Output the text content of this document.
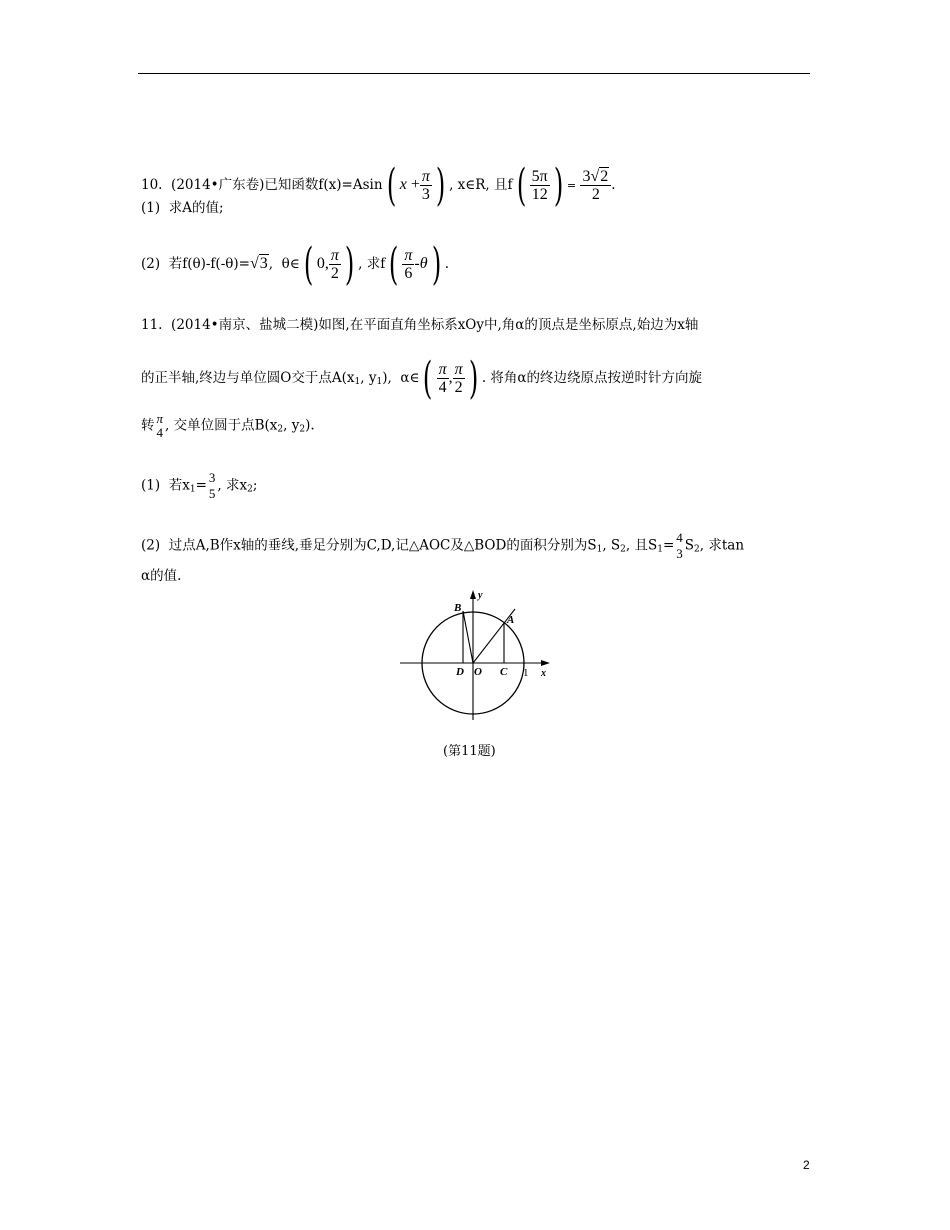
10.  (2014•广东卷)已知函数f(x)=Asin( $x + \frac{\pi}{3}$ ) , x∈R, 且$f( \frac{5\pi}{12}$ ) = $\frac{3√2}{2}$ .
(1)  求A的值;
(2)  若f(θ)-f(-θ)=√3,  θ∈( 0, $\frac{\pi}{2}$ ) , 求$f( \frac{\pi}{6} -\theta)$ .
11.  (2014•南京、盐城二模)如图,在平面直角坐标系xOy中,角α的顶点是坐标原点,始边为x轴
的正半轴,终边与单位圆O交于点$A(x_1$, $y_1$),  α∈( $\frac{\pi}{4}$ , $\frac{\pi}{2}$ ) . 将角α的终边绕原点按逆时针方向旋
转 π
4 , 交单位圆于点$B(x_2$, $y_2$).
(1)  若$x_1= 3$
5 , 求$x_2$;
(2)  过点A,B作x轴的垂线,垂足分别为C,D,记△AOC及△BOD的面积分别为$S_1$, $S_2$, 且$S_1= 4$
3 $S_2$, 求tan
α的值.
B
A
y
D O C 1 x
(第11题)
2
